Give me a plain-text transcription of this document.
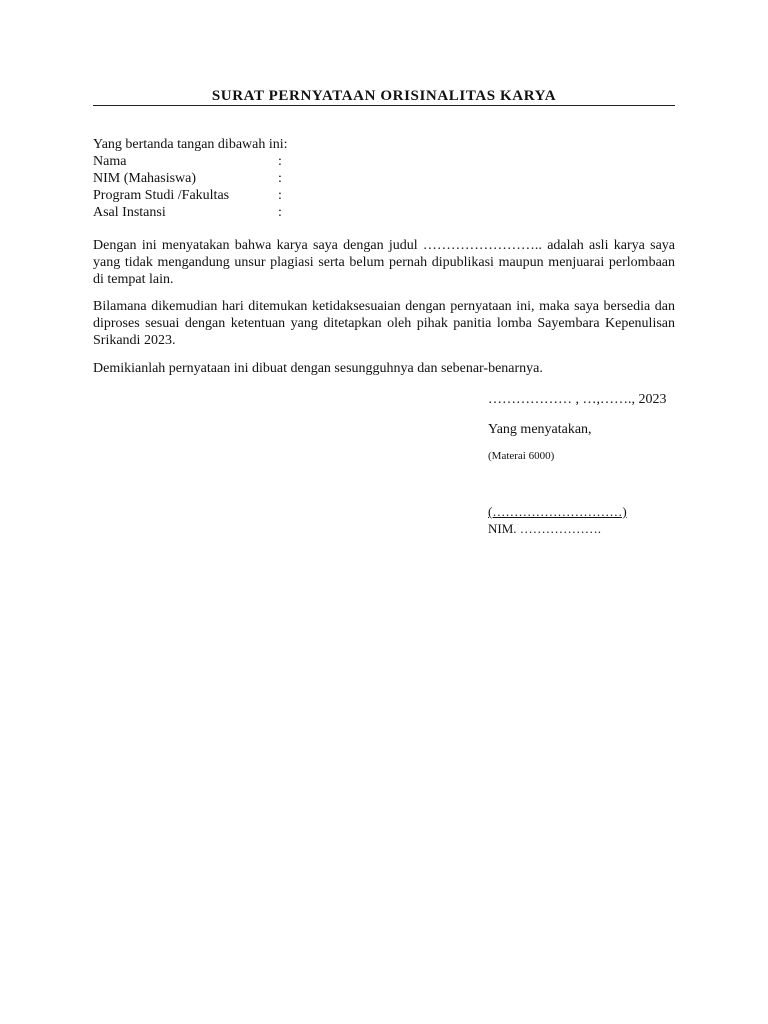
SURAT PERNYATAAN ORISINALITAS KARYA
Yang bertanda tangan dibawah ini:
Nama	:
NIM (Mahasiswa)	:
Program Studi /Fakultas	:
Asal Instansi	:
Dengan ini menyatakan bahwa karya saya dengan judul …………………….. adalah asli karya saya yang tidak mengandung unsur plagiasi serta belum pernah dipublikasi maupun menjuarai perlombaan di tempat lain.
Bilamana dikemudian hari ditemukan ketidaksesuaian dengan pernyataan ini, maka saya bersedia dan diproses sesuai dengan ketentuan yang ditetapkan oleh pihak panitia lomba Sayembara Kepenulisan Srikandi 2023.
Demikianlah pernyataan ini dibuat dengan sesungguhnya dan sebenar-benarnya.
……………… , …,……., 2023
Yang menyatakan,
(Materai 6000)
(…………………………)
NIM. ……………….
